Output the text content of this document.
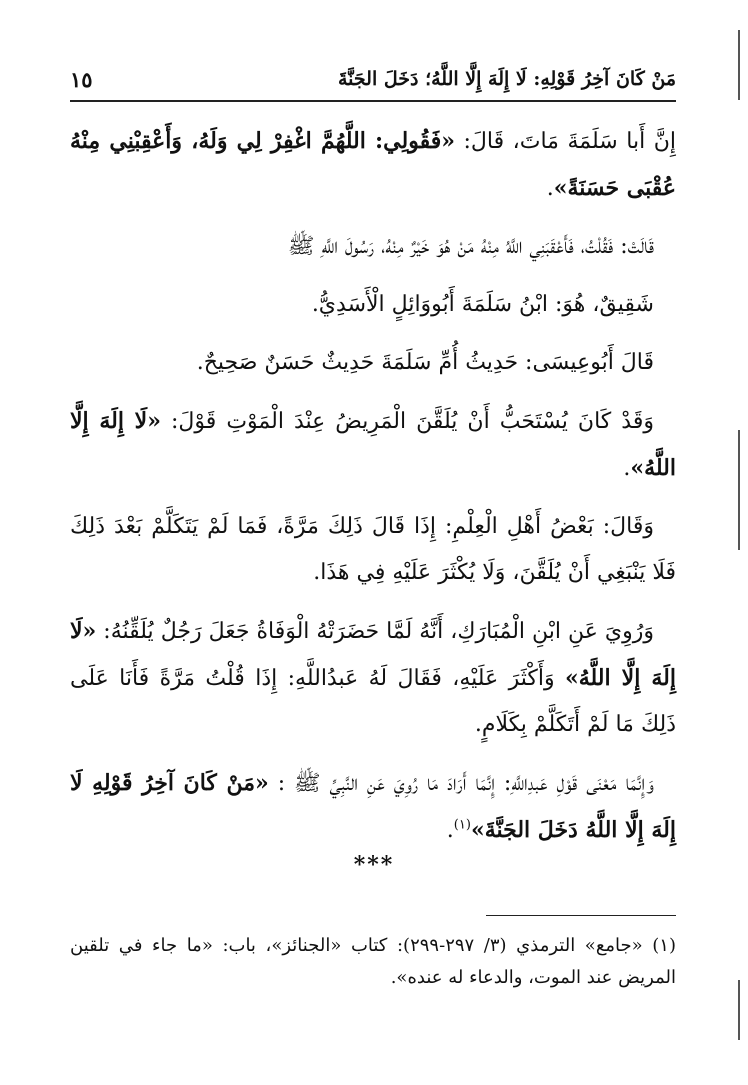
مَنْ كَانَ آخِرُ قَوْلِهِ: لَا إِلَهَ إِلَّا اللَّهُ؛ دَخَلَ الجَنَّةَ
١٥

إِنَّ أَبا سَلَمَةَ مَاتَ، قَالَ: «فَقُولِي: اللَّهُمَّ اغْفِرْ لِي وَلَهُ، وَأَعْقِبْنِي مِنْهُ عُقْبَى حَسَنَةً».

قَالَتْ: فَقُلْتُ، فَأَعْقَبَنِي اللَّهُ مِنْهُ مَنْ هُوَ خَيْرٌ مِنْهُ، رَسُولَ اللَّهِ ﷺ

شَقِيقٌ، هُوَ: ابْنُ سَلَمَةَ أَبُووَائِلٍ الْأَسَدِيُّ.

قَالَ أَبُوعِيسَى: حَدِيثُ أُمِّ سَلَمَةَ حَدِيثٌ حَسَنٌ صَحِيحٌ.

وَقَدْ كَانَ يُسْتَحَبُّ أَنْ يُلَقَّنَ الْمَرِيضُ عِنْدَ الْمَوْتِ قَوْلَ: «لَا إِلَهَ إِلَّا اللَّهُ».

وَقَالَ: بَعْضُ أَهْلِ الْعِلْمِ: إِذَا قَالَ ذَلِكَ مَرَّةً، فَمَا لَمْ يَتَكَلَّمْ بَعْدَ ذَلِكَ فَلَا يَنْبَغِي أَنْ يُلَقَّنَ، وَلَا يُكْثَرَ عَلَيْهِ فِي هَذَا.

وَرُوِيَ عَنِ ابْنِ الْمُبَارَكِ، أَنَّهُ لَمَّا حَضَرَتْهُ الْوَفَاةُ جَعَلَ رَجُلٌ يُلَقِّنُهُ: «لَا إِلَهَ إِلَّا اللَّهُ» وَأَكْثَرَ عَلَيْهِ، فَقَالَ لَهُ عَبدُاللَّهِ: إِذَا قُلْتُ مَرَّةً فَأَنَا عَلَى ذَلِكَ مَا لَمْ أَتَكَلَّمْ بِكَلَامٍ.

وَإِنَّمَا مَعْنَى قَوْلِ عَبدِاللَّهِ: إِنَّمَا أَرَادَ مَا رُوِيَ عَنِ النَّبِيِّ ﷺ : «مَنْ كَانَ آخِرُ قَوْلِهِ لَا إِلَهَ إِلَّا اللَّهُ دَخَلَ الجَنَّةَ»$^{(١)}$.

***
(١) «جامع» الترمذي (٣/ ٢٩٧-٢٩٩): كتاب «الجنائز»، باب: «ما جاء في تلقين المريض عند الموت، والدعاء له عنده».
